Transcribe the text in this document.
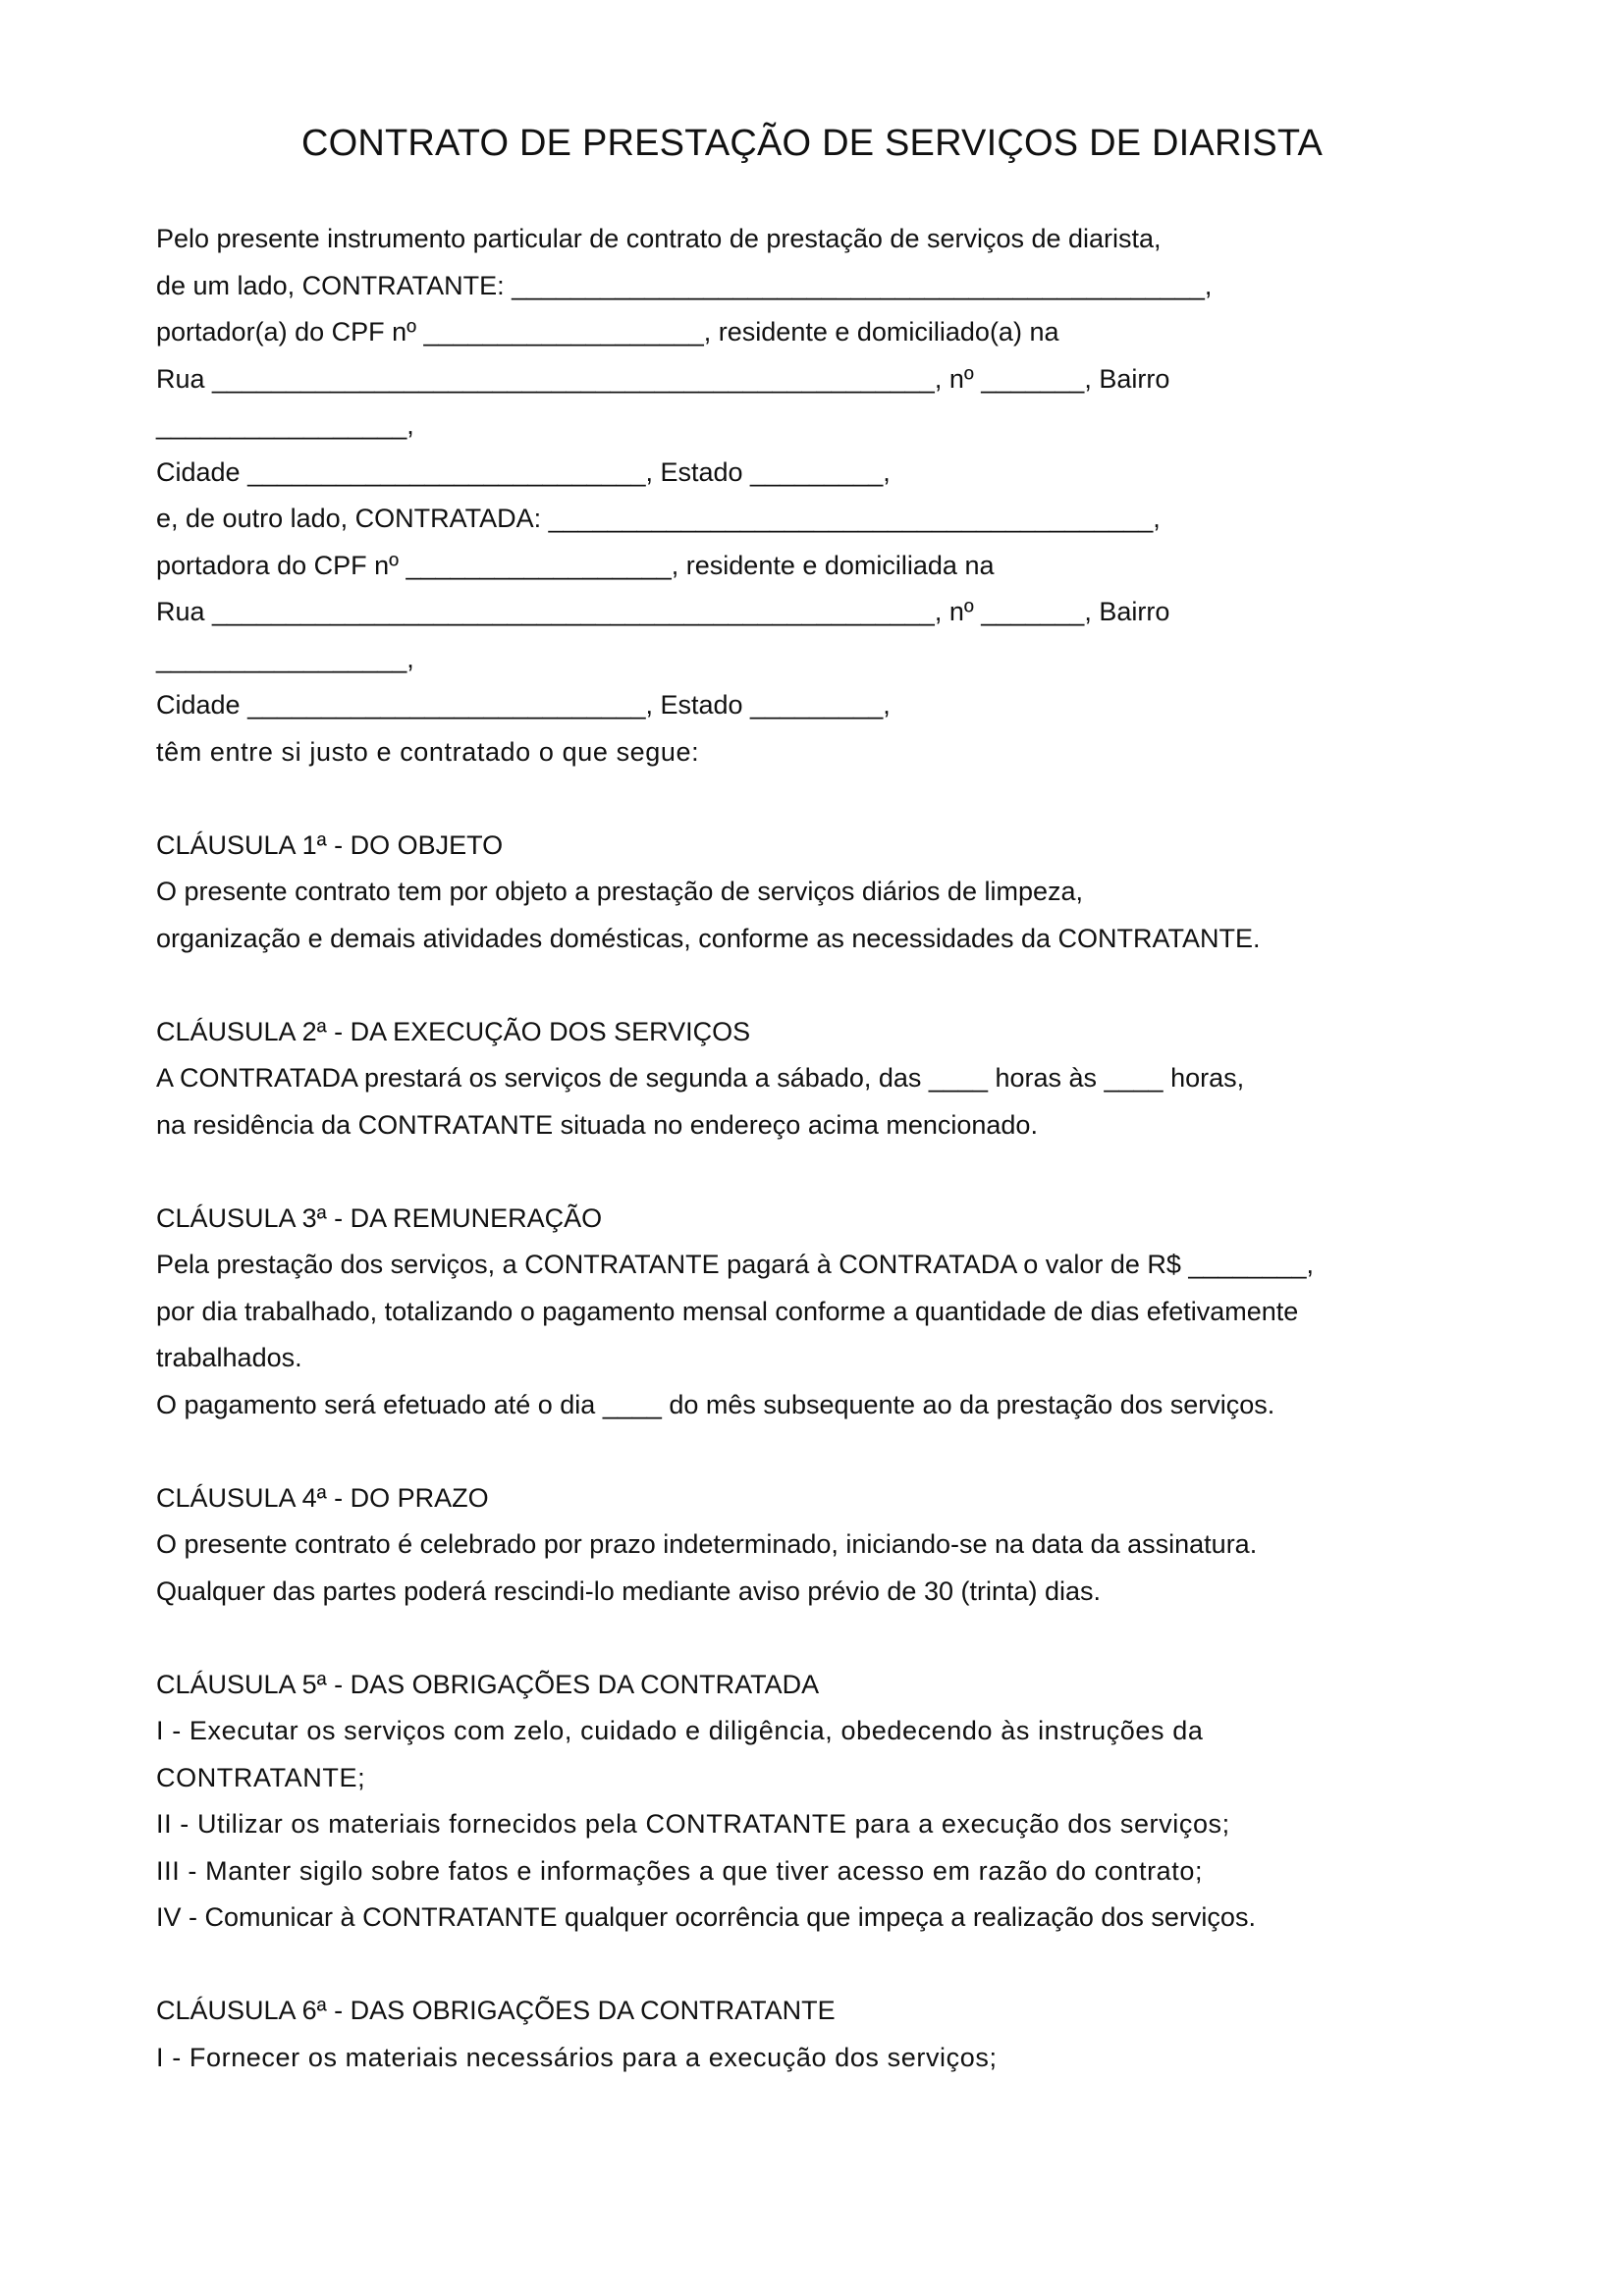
CONTRATO DE PRESTAÇÃO DE SERVIÇOS DE DIARISTA
Pelo presente instrumento particular de contrato de prestação de serviços de diarista,
de um lado, CONTRATANTE: _______________________________________________,
portador(a) do CPF nº ___________________, residente e domiciliado(a) na
Rua _________________________________________________, nº _______, Bairro
_________________,
Cidade ___________________________, Estado _________,
e, de outro lado, CONTRATADA: _________________________________________,
portadora do CPF nº __________________, residente e domiciliada na
Rua _________________________________________________, nº _______, Bairro
_________________,
Cidade ___________________________, Estado _________,
têm entre si justo e contratado o que segue:
CLÁUSULA 1ª - DO OBJETO
O presente contrato tem por objeto a prestação de serviços diários de limpeza,
organização e demais atividades domésticas, conforme as necessidades da CONTRATANTE.
CLÁUSULA 2ª - DA EXECUÇÃO DOS SERVIÇOS
A CONTRATADA prestará os serviços de segunda a sábado, das ____ horas às ____ horas,
na residência da CONTRATANTE situada no endereço acima mencionado.
CLÁUSULA 3ª - DA REMUNERAÇÃO
Pela prestação dos serviços, a CONTRATANTE pagará à CONTRATADA o valor de R$ ________,
por dia trabalhado, totalizando o pagamento mensal conforme a quantidade de dias efetivamente
trabalhados.
O pagamento será efetuado até o dia ____ do mês subsequente ao da prestação dos serviços.
CLÁUSULA 4ª - DO PRAZO
O presente contrato é celebrado por prazo indeterminado, iniciando-se na data da assinatura.
Qualquer das partes poderá rescindi-lo mediante aviso prévio de 30 (trinta) dias.
CLÁUSULA 5ª - DAS OBRIGAÇÕES DA CONTRATADA
I - Executar os serviços com zelo, cuidado e diligência, obedecendo às instruções da
CONTRATANTE;
II - Utilizar os materiais fornecidos pela CONTRATANTE para a execução dos serviços;
III - Manter sigilo sobre fatos e informações a que tiver acesso em razão do contrato;
IV - Comunicar à CONTRATANTE qualquer ocorrência que impeça a realização dos serviços.
CLÁUSULA 6ª - DAS OBRIGAÇÕES DA CONTRATANTE
I - Fornecer os materiais necessários para a execução dos serviços;
